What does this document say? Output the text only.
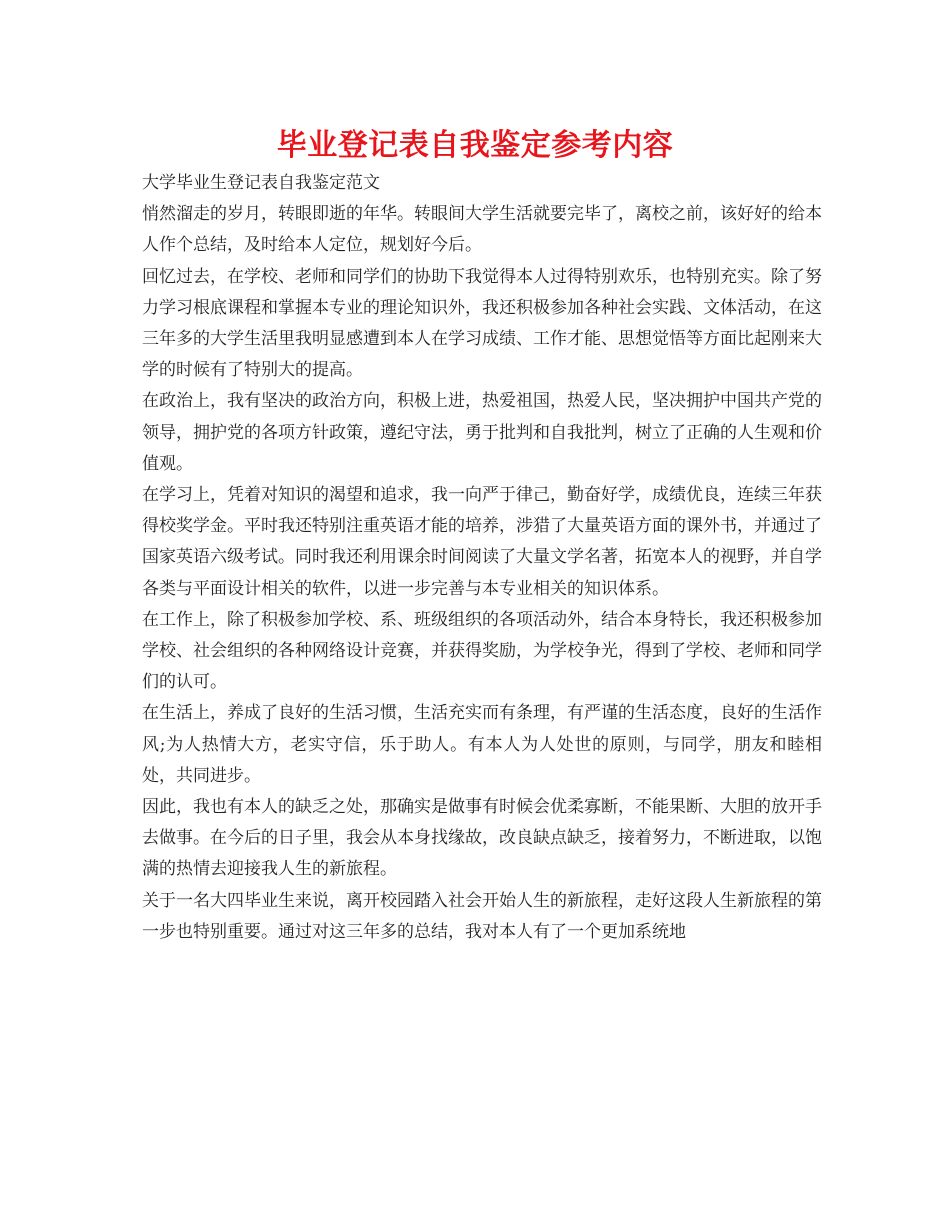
毕业登记表自我鉴定参考内容

大学毕业生登记表自我鉴定范文

悄然溜走的岁月，转眼即逝的年华。转眼间大学生活就要完毕了，离校之前，该好好的给本人作个总结，及时给本人定位，规划好今后。

回忆过去，在学校、老师和同学们的协助下我觉得本人过得特别欢乐，也特别充实。除了努力学习根底课程和掌握本专业的理论知识外，我还积极参加各种社会实践、文体活动，在这三年多的大学生活里我明显感遭到本人在学习成绩、工作才能、思想觉悟等方面比起刚来大学的时候有了特别大的提高。

在政治上，我有坚决的政治方向，积极上进，热爱祖国，热爱人民，坚决拥护中国共产党的领导，拥护党的各项方针政策，遵纪守法，勇于批判和自我批判，树立了正确的人生观和价值观。

在学习上，凭着对知识的渴望和追求，我一向严于律己，勤奋好学，成绩优良，连续三年获得校奖学金。平时我还特别注重英语才能的培养，涉猎了大量英语方面的课外书，并通过了国家英语六级考试。同时我还利用课余时间阅读了大量文学名著，拓宽本人的视野，并自学各类与平面设计相关的软件，以进一步完善与本专业相关的知识体系。

在工作上，除了积极参加学校、系、班级组织的各项活动外，结合本身特长，我还积极参加学校、社会组织的各种网络设计竞赛，并获得奖励，为学校争光，得到了学校、老师和同学们的认可。

在生活上，养成了良好的生活习惯，生活充实而有条理，有严谨的生活态度，良好的生活作风;为人热情大方，老实守信，乐于助人。有本人为人处世的原则，与同学，朋友和睦相处，共同进步。

因此，我也有本人的缺乏之处，那确实是做事有时候会优柔寡断，不能果断、大胆的放开手去做事。在今后的日子里，我会从本身找缘故，改良缺点缺乏，接着努力，不断进取，以饱满的热情去迎接我人生的新旅程。

关于一名大四毕业生来说，离开校园踏入社会开始人生的新旅程，走好这段人生新旅程的第一步也特别重要。通过对这三年多的总结，我对本人有了一个更加系统地
